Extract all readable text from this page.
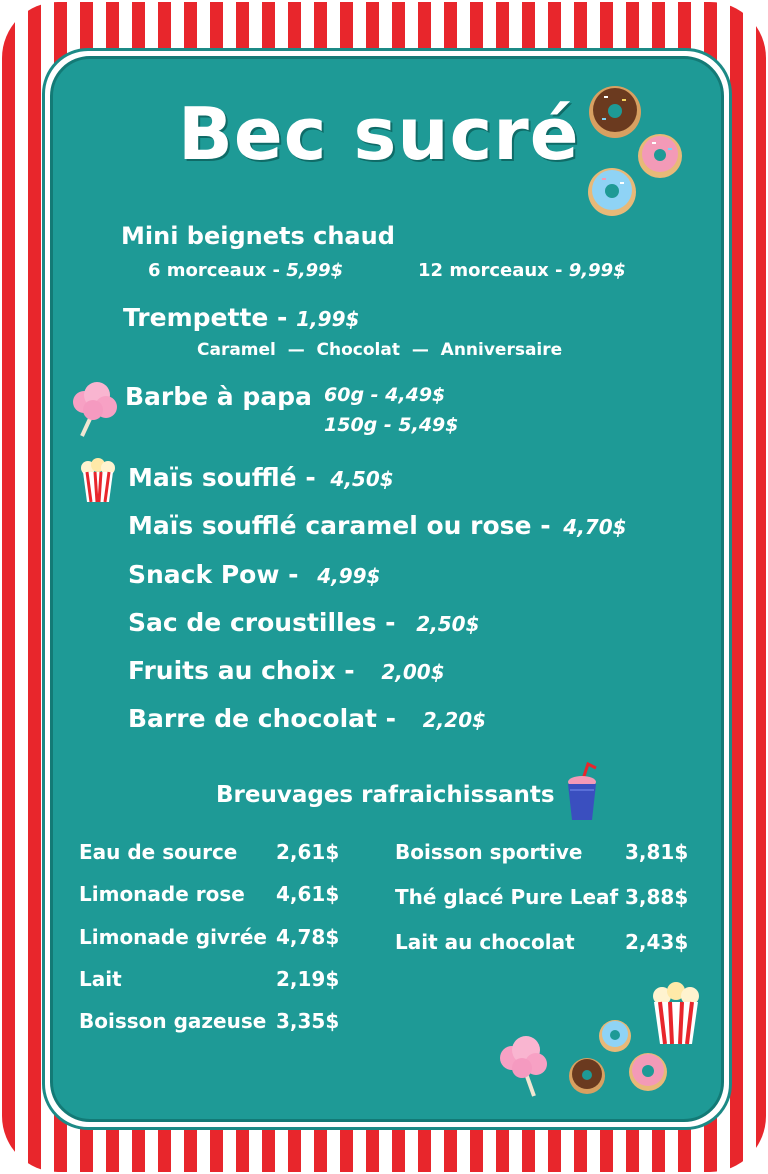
Bec sucré
Mini beignets chaud
6 morceaux - 5,99$	12 morceaux - 9,99$
Trempette - 1,99$
Caramel  —  Chocolat  —  Anniversaire
Barbe à papa 60g - 4,49$
150g - 5,49$
Maïs soufflé - 4,50$
Maïs soufflé caramel ou rose - 4,70$
Snack Pow - 4,99$
Sac de croustilles - 2,50$
Fruits au choix - 2,00$
Barre de chocolat - 2,20$
Breuvages rafraichissants
Eau de source 2,61$
Limonade rose 4,61$
Limonade givrée 4,78$
Lait	2,19$
Boisson gazeuse 3,35$
Boisson sportive 3,81$
Thé glacé Pure Leaf 3,88$
Lait au chocolat	2,43$
